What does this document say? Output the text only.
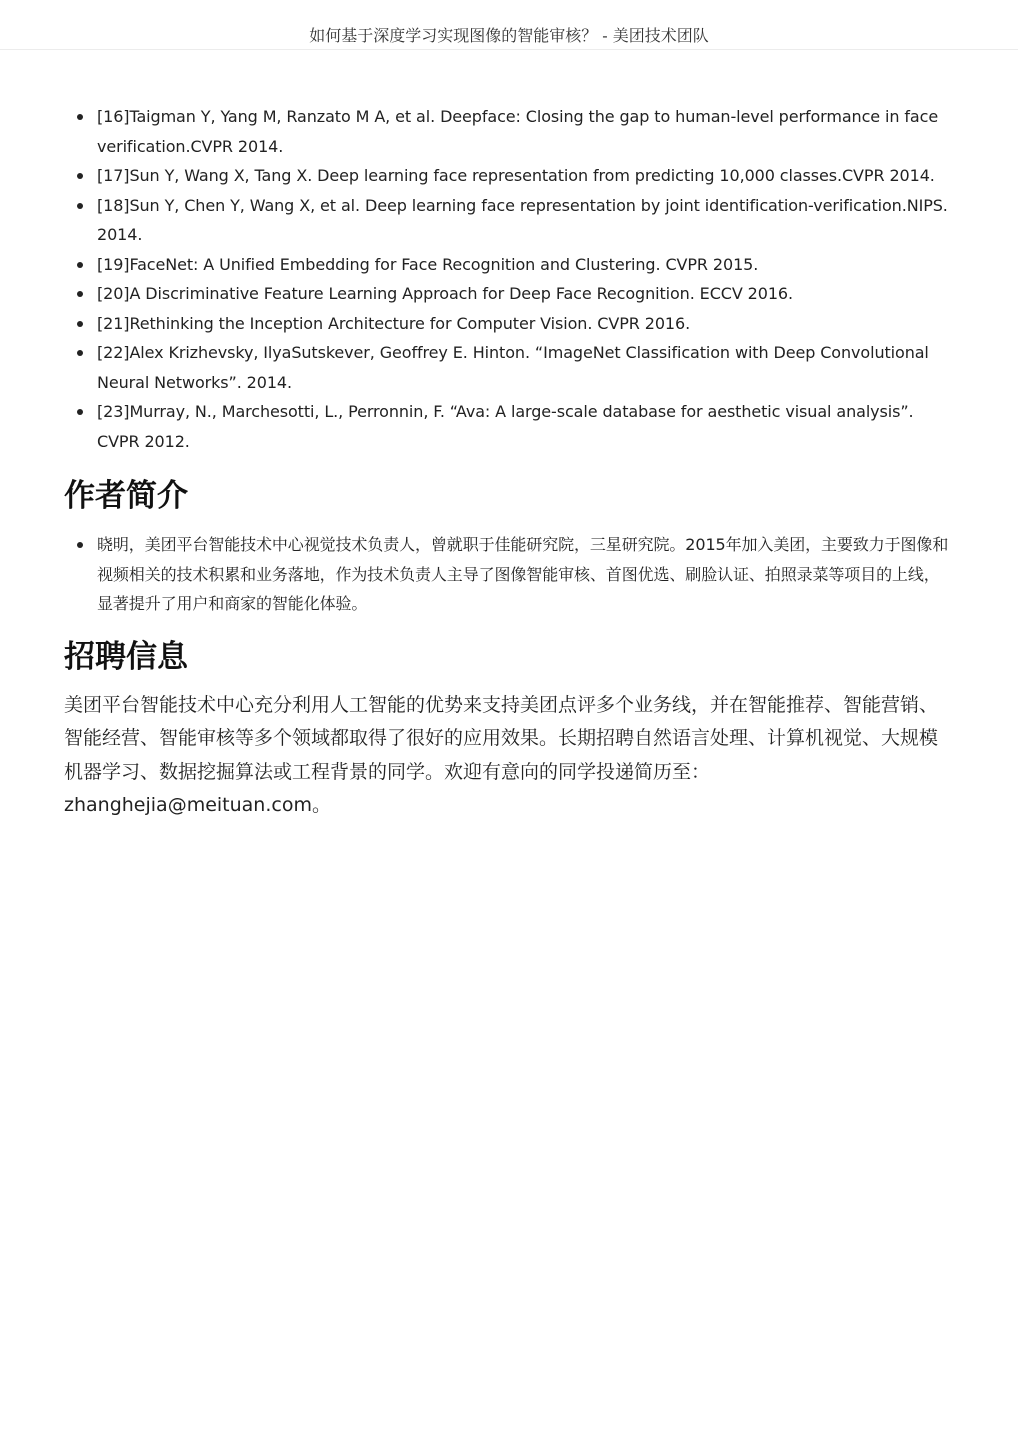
如何基于深度学习实现图像的智能审核？ - 美团技术团队
[16]Taigman Y, Yang M, Ranzato M A, et al. Deepface: Closing the gap to human-level performance in face verification.CVPR 2014.
[17]Sun Y, Wang X, Tang X. Deep learning face representation from predicting 10,000 classes.CVPR 2014.
[18]Sun Y, Chen Y, Wang X, et al. Deep learning face representation by joint identification-verification.NIPS. 2014.
[19]FaceNet: A Unified Embedding for Face Recognition and Clustering. CVPR 2015.
[20]A Discriminative Feature Learning Approach for Deep Face Recognition. ECCV 2016.
[21]Rethinking the Inception Architecture for Computer Vision. CVPR 2016.
[22]Alex Krizhevsky, IlyaSutskever, Geoffrey E. Hinton. “ImageNet Classification with Deep Convolutional Neural Networks”. 2014.
[23]Murray, N., Marchesotti, L., Perronnin, F. “Ava: A large-scale database for aesthetic visual analysis”. CVPR 2012.
作者简介
晓明，美团平台智能技术中心视觉技术负责人，曾就职于佳能研究院，三星研究院。2015年加入美团，主要致力于图像和视频相关的技术积累和业务落地，作为技术负责人主导了图像智能审核、首图优选、刷脸认证、拍照录菜等项目的上线，显著提升了用户和商家的智能化体验。
招聘信息

美团平台智能技术中心充分利用人工智能的优势来支持美团点评多个业务线，并在智能推荐、智能营销、智能经营、智能审核等多个领域都取得了很好的应用效果。长期招聘自然语言处理、计算机视觉、大规模机器学习、数据挖掘算法或工程背景的同学。欢迎有意向的同学投递简历至：
zhanghejia@meituan.com。
